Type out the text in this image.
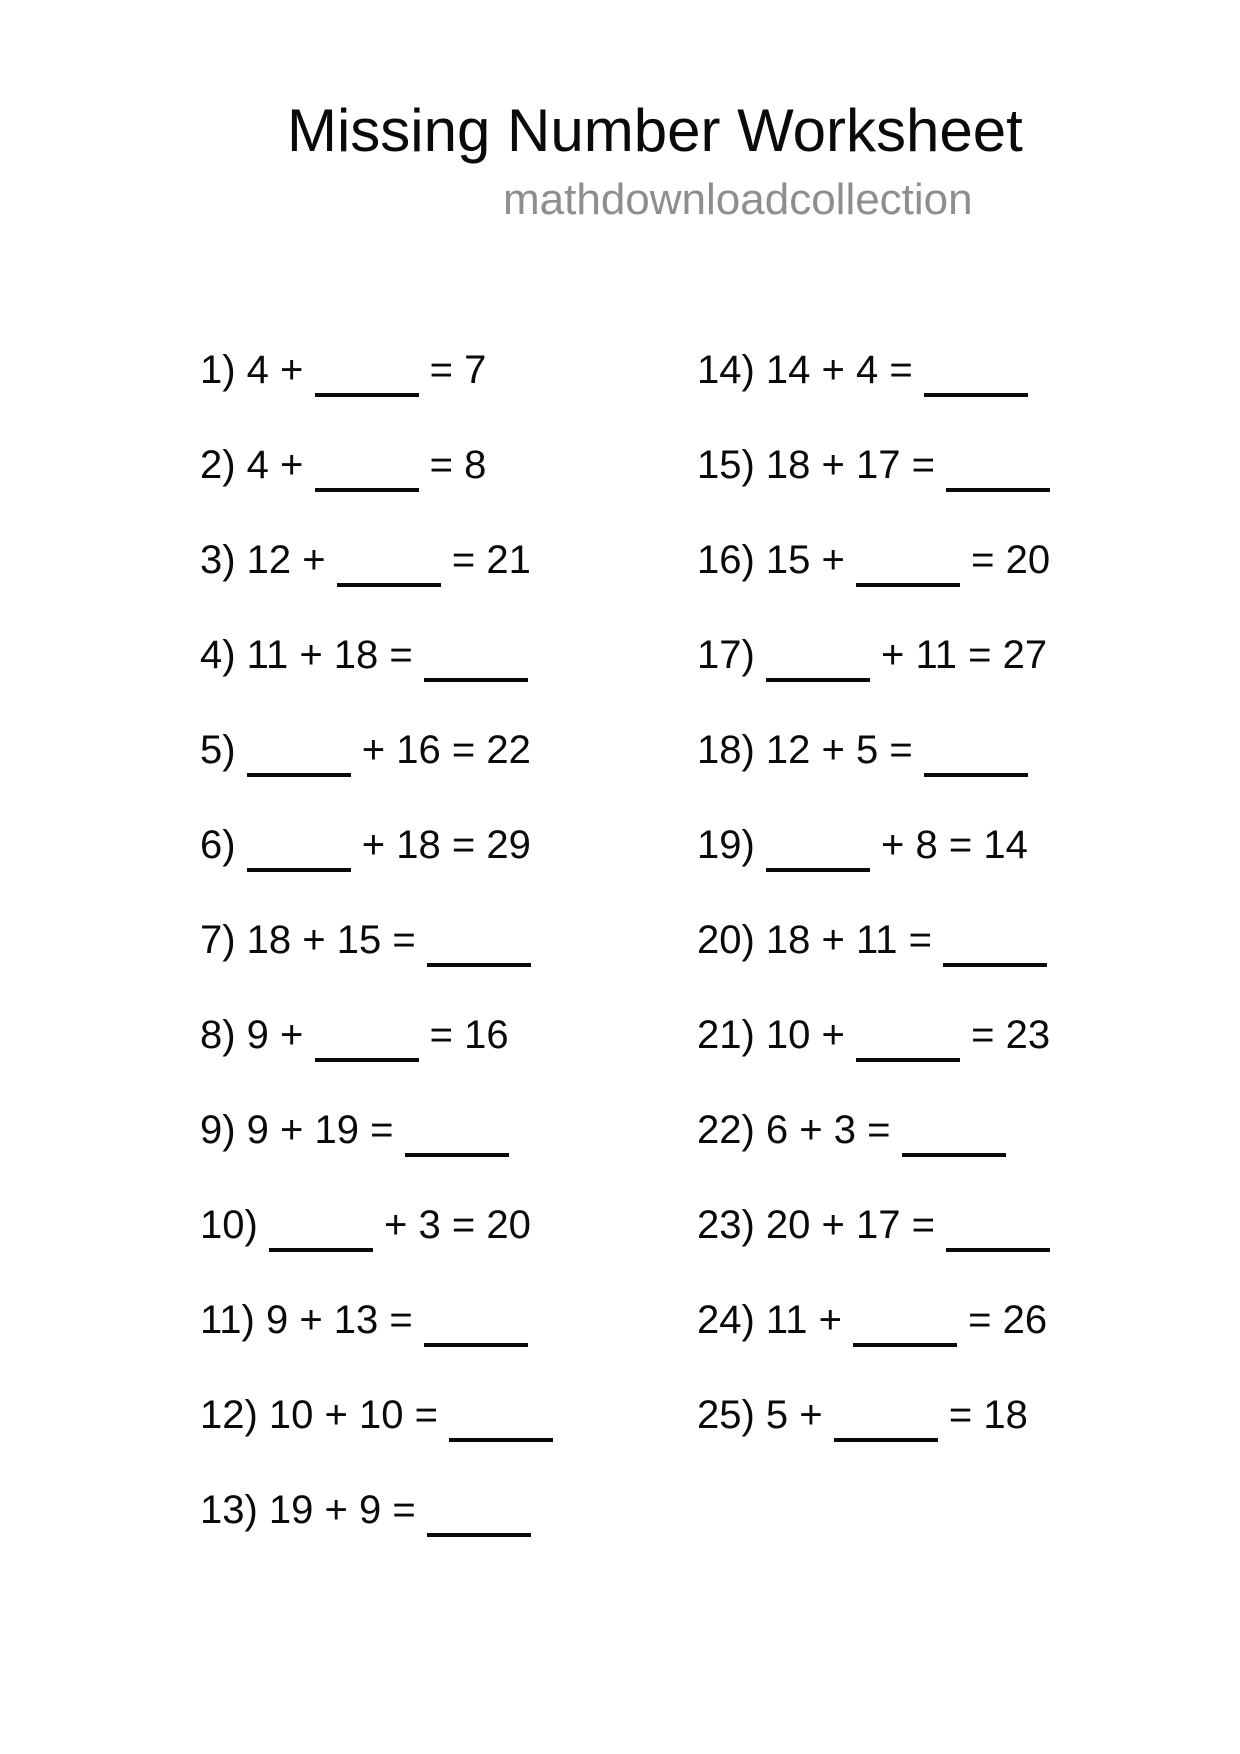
Missing Number Worksheet
mathdownloadcollection
1) 4 +	= 7
2) 4 +	= 8
3) 12 +	= 21
4) 11 + 18 =
5)	+ 16 = 22
6)	+ 18 = 29
7) 18 + 15 =
8) 9 +	= 16
9) 9 + 19 =
10)	+ 3 = 20
11) 9 + 13 =
12) 10 + 10 =
13) 19 + 9 =
14) 14 + 4 =
15) 18 + 17 =
16) 15 +	= 20
17)	+ 11 = 27
18) 12 + 5 =
19)	+ 8 = 14
20) 18 + 11 =
21) 10 +	= 23
22) 6 + 3 =
23) 20 + 17 =
24) 11 +	= 26
25) 5 +	= 18
